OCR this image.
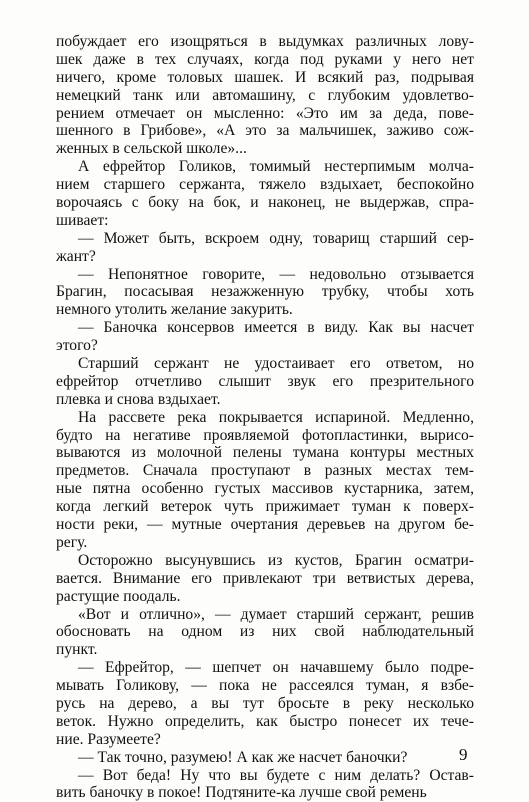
побуждает его изощряться в выдумках различных лову-
шек даже в тех случаях, когда под руками у него нет
ничего, кроме толовых шашек. И всякий раз, подрывая
немецкий танк или автомашину, с глубоким удовлетво-
рением отмечает он мысленно: «Это им за деда, пове-
шенного в Грибове», «А это за мальчишек, заживо сож-
женных в сельской школе»...
А ефрейтор Голиков, томимый нестерпимым молча-
нием старшего сержанта, тяжело вздыхает, беспокойно
ворочаясь с боку на бок, и наконец, не выдержав, спра-
шивает:
— Может быть, вскроем одну, товарищ старший сер-
жант?
— Непонятное говорите, — недовольно отзывается
Брагин, посасывая незажженную трубку, чтобы хоть
немного утолить желание закурить.
— Баночка консервов имеется в виду. Как вы насчет
этого?
Старший сержант не удостаивает его ответом, но
ефрейтор отчетливо слышит звук его презрительного
плевка и снова вздыхает.
На рассвете река покрывается испариной. Медленно,
будто на негативе проявляемой фотопластинки, вырисо-
вываются из молочной пелены тумана контуры местных
предметов. Сначала проступают в разных местах тем-
ные пятна особенно густых массивов кустарника, затем,
когда легкий ветерок чуть прижимает туман к поверх-
ности реки, — мутные очертания деревьев на другом бе-
регу.
Осторожно высунувшись из кустов, Брагин осматри-
вается. Внимание его привлекают три ветвистых дерева,
растущие поодаль.
«Вот и отлично», — думает старший сержант, решив
обосновать на одном из них свой наблюдательный
пункт.
— Ефрейтор, — шепчет он начавшему было подре-
мывать Голикову, — пока не рассеялся туман, я взбе-
русь на дерево, а вы тут бросьте в реку несколько
веток. Нужно определить, как быстро понесет их тече-
ние. Разумеете?
— Так точно, разумею! А как же насчет баночки?
— Вот беда! Ну что вы будете с ним делать? Остав-
вить баночку в покое! Подтяните-ка лучше свой ремень
9
